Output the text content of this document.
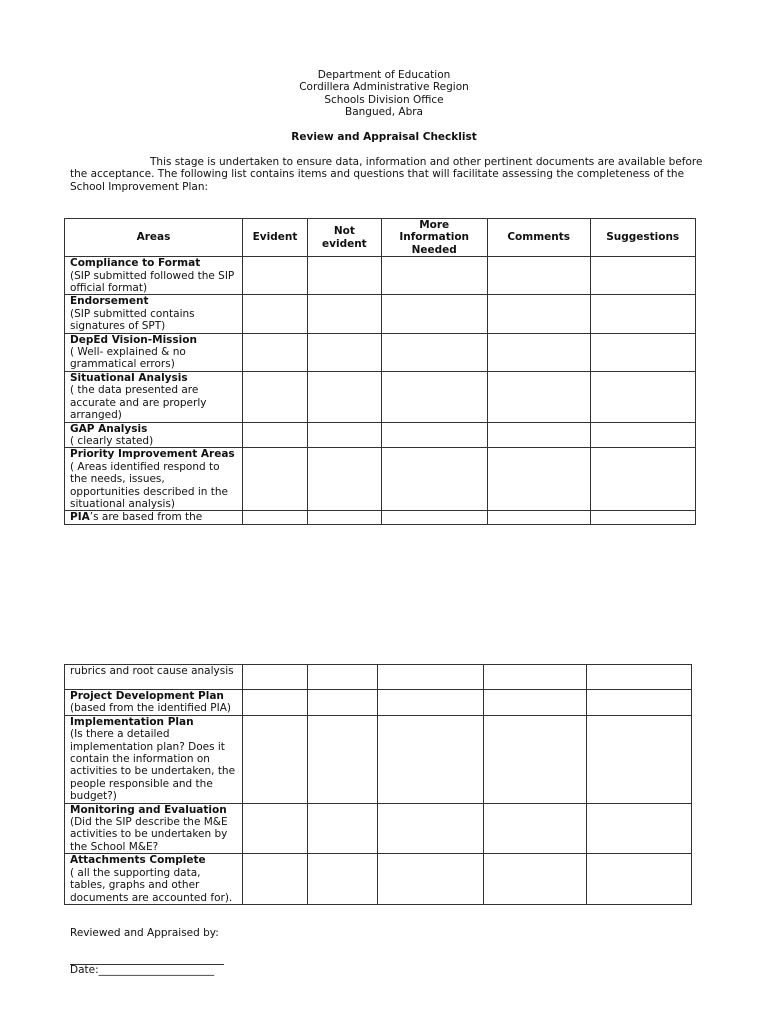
Department of Education
Cordillera Administrative Region
Schools Division Office
Bangued, Abra
Review and Appraisal Checklist
This stage is undertaken to ensure data, information and other pertinent documents are available before the acceptance. The following list contains items and questions that will facilitate assessing the completeness of the School Improvement Plan:
Areas	Evident	Not evident	More Information Needed	Comments	Suggestions

Compliance to Format
(SIP submitted followed the SIP official format)					

Endorsement
(SIP submitted contains signatures of SPT)					

DepEd Vision-Mission
( Well- explained & no grammatical errors)					

Situational Analysis
( the data presented are accurate and are properly arranged)					

GAP Analysis
( clearly stated)					

Priority Improvement Areas
( Areas identified respond to the needs, issues, opportunities described in the situational analysis)					

PIA’s are based from the					
rubrics and root cause analysis					

Project Development Plan
(based from the identified PIA)					

Implementation Plan
(Is there a detailed implementation plan? Does it contain the information on activities to be undertaken, the people responsible and the budget?)					

Monitoring and Evaluation
(Did the SIP describe the M&E activities to be undertaken by the School M&E?					

Attachments Complete
( all the supporting data, tables, graphs and other documents are accounted for).					

Reviewed and Appraised by:
Date:______________________
